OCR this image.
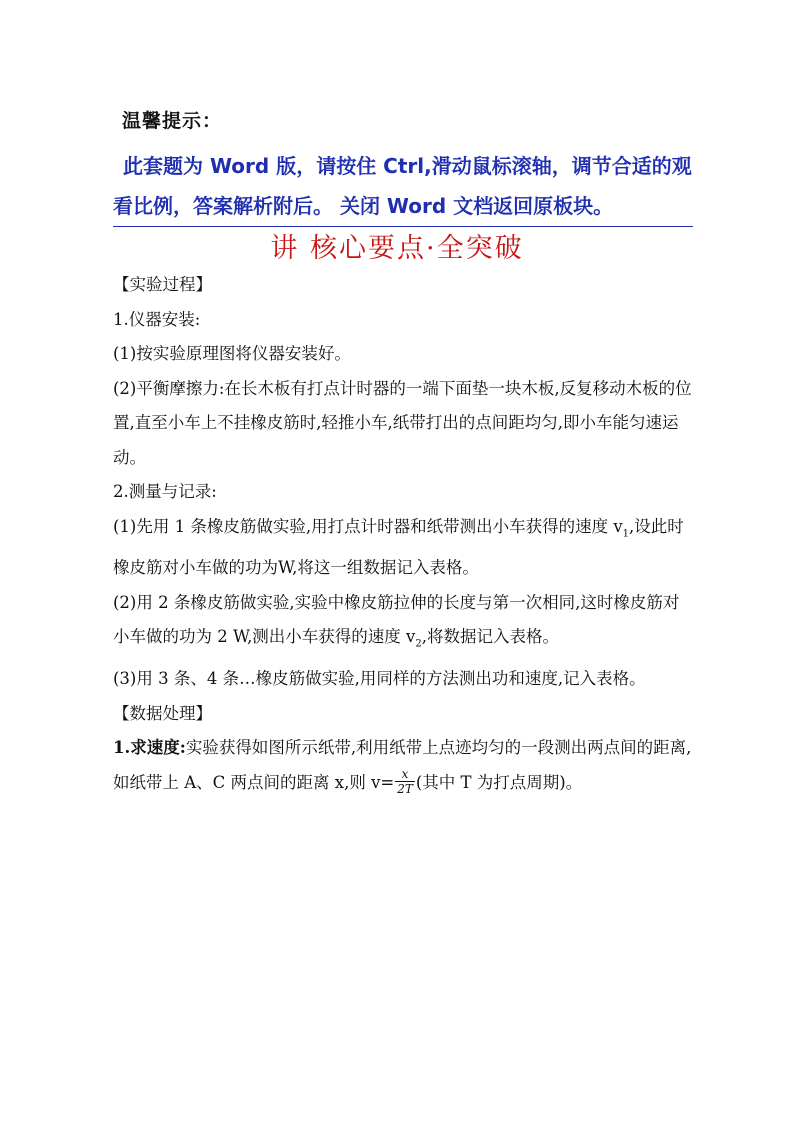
温馨提示：
此套题为 Word 版，请按住 Ctrl,滑动鼠标滚轴，调节合适的观看比例，答案解析附后。 关闭 Word 文档返回原板块。
讲 核心要点·全突破

【实验过程】

1.仪器安装:

(1)按实验原理图将仪器安装好。

(2)平衡摩擦力:在长木板有打点计时器的一端下面垫一块木板,反复移动木板的位置,直至小车上不挂橡皮筋时,轻推小车,纸带打出的点间距均匀,即小车能匀速运动。

2.测量与记录:

(1)先用 1 条橡皮筋做实验,用打点计时器和纸带测出小车获得的速度 $v_1$,设此时橡皮筋对小车做的功为W,将这一组数据记入表格。

(2)用 2 条橡皮筋做实验,实验中橡皮筋拉伸的长度与第一次相同,这时橡皮筋对小车做的功为 2 W,测出小车获得的速度 $v_2$,将数据记入表格。

(3)用 3 条、4 条…橡皮筋做实验,用同样的方法测出功和速度,记入表格。

【数据处理】

1.求速度:实验获得如图所示纸带,利用纸带上点迹均匀的一段测出两点间的距离,如纸带上 A、C 两点间的距离 x,则 $v= \frac{x}{2T}$ (其中 T 为打点周期)。
